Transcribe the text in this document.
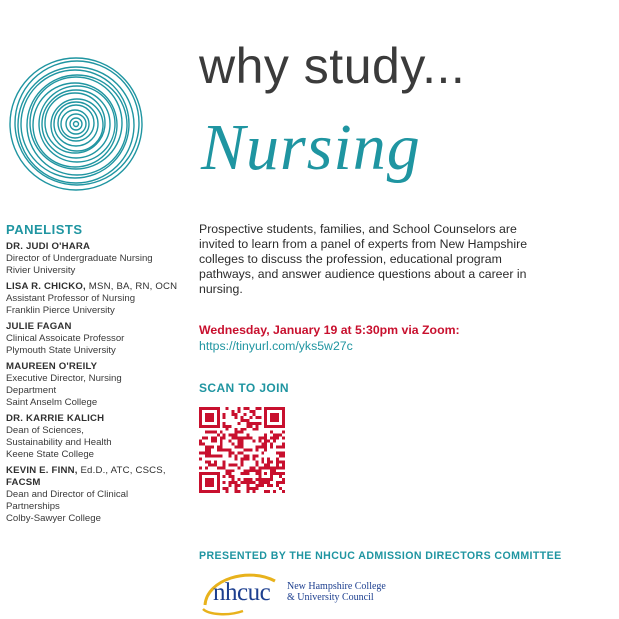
why study...
Nursing
PANELISTS
DR. JUDI O'HARA
Director of Undergraduate Nursing
Rivier University
LISA R. CHICKO, MSN, BA, RN, OCN
Assistant Professor of Nursing
Franklin Pierce University
JULIE FAGAN
Clinical Assoicate Professor
Plymouth State University
MAUREEN O'REILY
Executive Director, Nursing
Department
Saint Anselm College
DR. KARRIE KALICH
Dean of Sciences,
Sustainability and Health
Keene State College
KEVIN E. FINN, Ed.D., ATC, CSCS,
FACSM
Dean and Director of Clinical
Partnerships
Colby-Sawyer College
Prospective students, families, and School Counselors are invited to learn from a panel of experts from New Hampshire colleges to discuss the profession, educational program pathways, and answer audience questions about a career in nursing.
Wednesday, January 19 at 5:30pm via Zoom:
https://tinyurl.com/yks5w27c
SCAN TO JOIN
PRESENTED BY THE NHCUC ADMISSION DIRECTORS COMMITTEE
nhcuc New Hampshire College
& University Council
